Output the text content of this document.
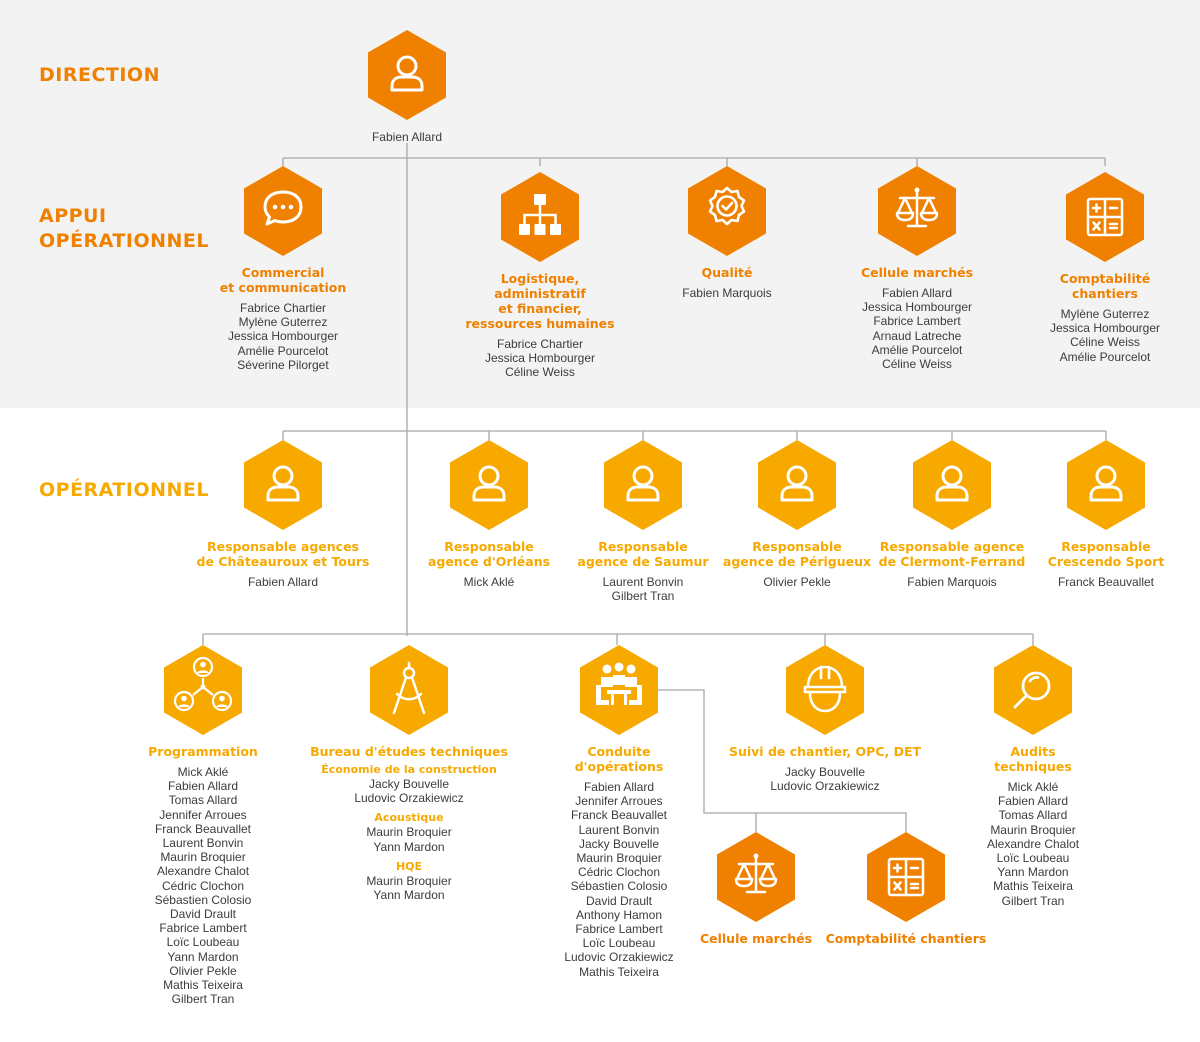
DIRECTION
APPUI
OPÉRATIONNEL
OPÉRATIONNEL
Fabien Allard
Commercial
et communication
Fabrice Chartier
Mylène Guterrez
Jessica Hombourger
Amélie Pourcelot
Séverine Pilorget
Logistique,
administratif
et financier,
ressources humaines
Fabrice Chartier
Jessica Hombourger
Céline Weiss
Qualité
Fabien Marquois
Cellule marchés
Fabien Allard
Jessica Hombourger
Fabrice Lambert
Arnaud Latreche
Amélie Pourcelot
Céline Weiss
Comptabilité
chantiers
Mylène Guterrez
Jessica Hombourger
Céline Weiss
Amélie Pourcelot
Responsable agences
de Châteauroux et Tours
Fabien Allard
Responsable
agence d'Orléans
Mick Aklé
Responsable
agence de Saumur
Laurent Bonvin
Gilbert Tran
Responsable
agence de Périgueux
Olivier Pekle
Responsable agence
de Clermont-Ferrand
Fabien Marquois
Responsable
Crescendo Sport
Franck Beauvallet
Programmation
Mick Aklé
Fabien Allard
Tomas Allard
Jennifer Arroues
Franck Beauvallet
Laurent Bonvin
Maurin Broquier
Alexandre Chalot
Cédric Clochon
Sébastien Colosio
David Drault
Fabrice Lambert
Loïc Loubeau
Yann Mardon
Olivier Pekle
Mathis Teixeira
Gilbert Tran
Bureau d'études techniques
Économie de la construction
Jacky Bouvelle
Ludovic Orzakiewicz
Acoustique
Maurin Broquier
Yann Mardon
HQE
Maurin Broquier
Yann Mardon
Conduite
d'opérations
Fabien Allard
Jennifer Arroues
Franck Beauvallet
Laurent Bonvin
Jacky Bouvelle
Maurin Broquier
Cédric Clochon
Sébastien Colosio
David Drault
Anthony Hamon
Fabrice Lambert
Loïc Loubeau
Ludovic Orzakiewicz
Mathis Teixeira
Suivi de chantier, OPC, DET
Jacky Bouvelle
Ludovic Orzakiewicz
Audits
techniques
Mick Aklé
Fabien Allard
Tomas Allard
Maurin Broquier
Alexandre Chalot
Loïc Loubeau
Yann Mardon
Mathis Teixeira
Gilbert Tran
Cellule marchés	Comptabilité chantiers
